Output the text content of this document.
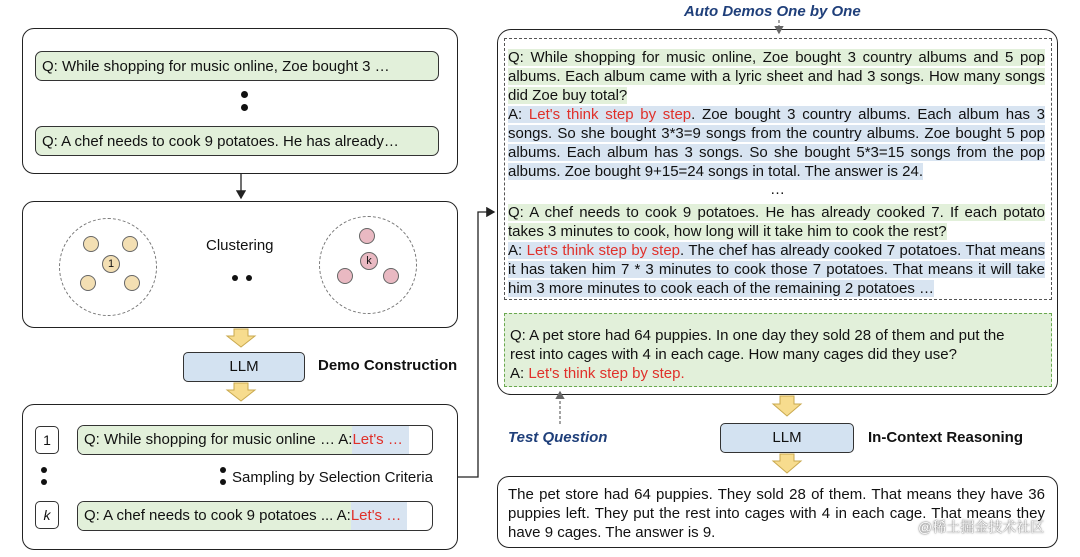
Q: While shopping for music online, Zoe bought 3 …
Q: A chef needs to cook 9 potatoes. He has already…
1
Clustering
k
LLM	Demo Construction
1	Q: While shopping for music online … A:Let's …
Sampling by Selection Criteria
k	Q: A chef needs to cook 9 potatoes ... A:Let's …
Auto Demos One by One
Q: While shopping for music online, Zoe bought 3 country albums and 5 pop albums. Each album came with a lyric sheet and had 3 songs. How many songs did Zoe buy total?
A: Let's think step by step. Zoe bought 3 country albums. Each album has 3 songs. So she bought 3*3=9 songs from the country albums. Zoe bought 5 pop albums. Each album has 3 songs. So she bought 5*3=15 songs from the pop albums. Zoe bought 9+15=24 songs in total. The answer is 24.
…
Q: A chef needs to cook 9 potatoes. He has already cooked 7. If each potato takes 3 minutes to cook, how long will it take him to cook the rest?
A: Let's think step by step. The chef has already cooked 7 potatoes. That means it has taken him 7 * 3 minutes to cook those 7 potatoes. That means it will take him 3 more minutes to cook each of the remaining 2 potatoes …
Q: A pet store had 64 puppies. In one day they sold 28 of them and put the rest into cages with 4 in each cage. How many cages did they use?
A: Let's think step by step.
Test Question	LLM	In-Context Reasoning
The pet store had 64 puppies. They sold 28 of them. That means they have 36 puppies left. They put the rest into cages with 4 in each cage. That means they have 9 cages. The answer is 9.	@稀土掘金技术社区
